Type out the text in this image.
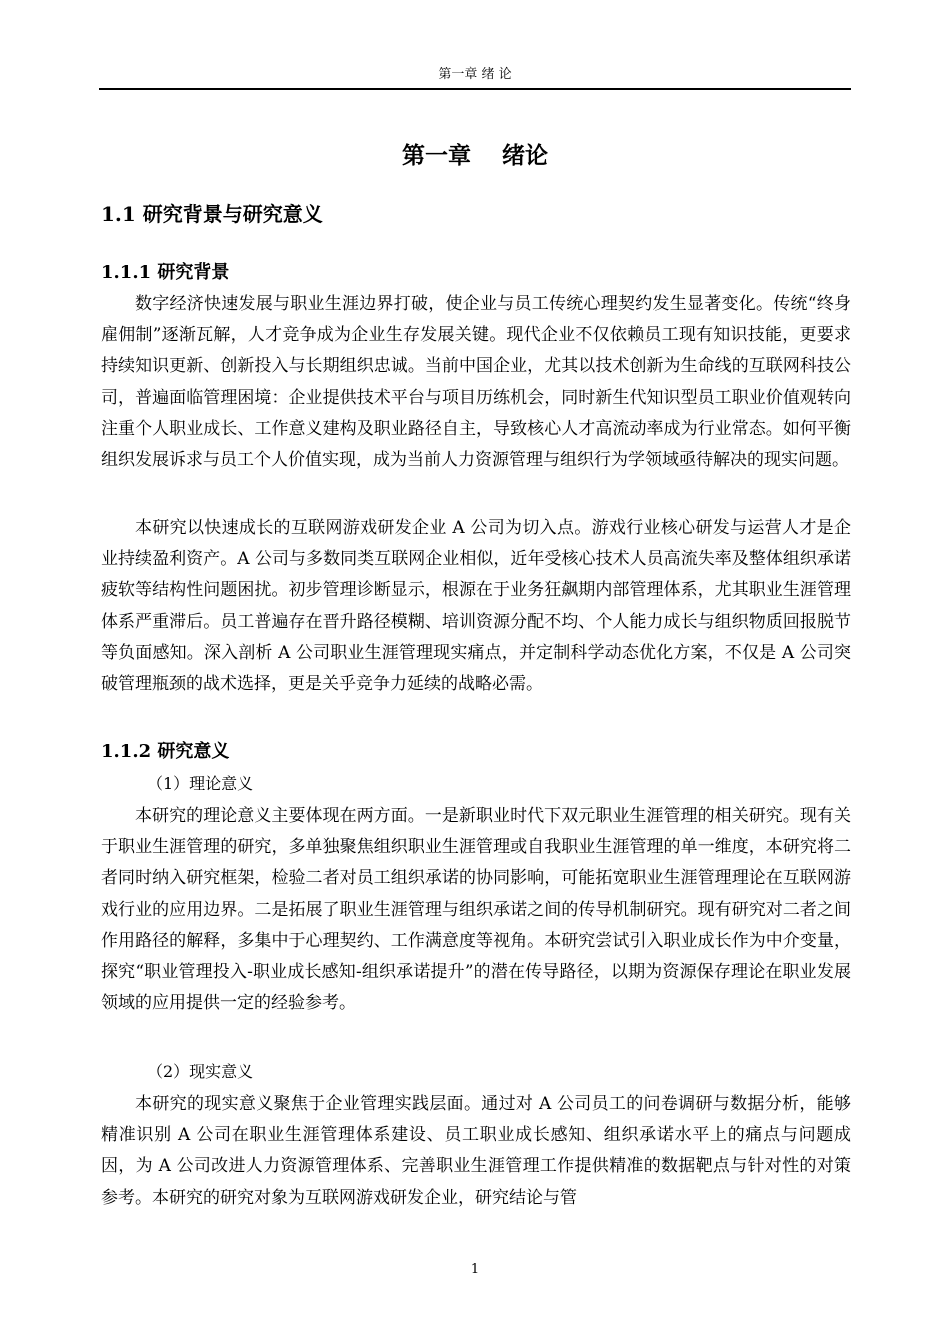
第一章 绪 论
第一章　 绪论
1.1 研究背景与研究意义
1.1.1 研究背景

数字经济快速发展与职业生涯边界打破，使企业与员工传统心理契约发生显著变化。传统“终身雇佣制”逐渐瓦解，人才竞争成为企业生存发展关键。现代企业不仅依赖员工现有知识技能，更要求持续知识更新、创新投入与长期组织忠诚。当前中国企业，尤其以技术创新为生命线的互联网科技公司，普遍面临管理困境：企业提供技术平台与项目历练机会，同时新生代知识型员工职业价值观转向注重个人职业成长、工作意义建构及职业路径自主，导致核心人才高流动率成为行业常态。如何平衡组织发展诉求与员工个人价值实现，成为当前人力资源管理与组织行为学领域亟待解决的现实问题。

本研究以快速成长的互联网游戏研发企业 A 公司为切入点。游戏行业核心研发与运营人才是企业持续盈利资产。A 公司与多数同类互联网企业相似，近年受核心技术人员高流失率及整体组织承诺疲软等结构性问题困扰。初步管理诊断显示，根源在于业务狂飙期内部管理体系，尤其职业生涯管理体系严重滞后。员工普遍存在晋升路径模糊、培训资源分配不均、个人能力成长与组织物质回报脱节等负面感知。深入剖析 A 公司职业生涯管理现实痛点，并定制科学动态优化方案，不仅是 A 公司突破管理瓶颈的战术选择，更是关乎竞争力延续的战略必需。

1.1.2 研究意义
（1）理论意义

本研究的理论意义主要体现在两方面。一是新职业时代下双元职业生涯管理的相关研究。现有关于职业生涯管理的研究，多单独聚焦组织职业生涯管理或自我职业生涯管理的单一维度，本研究将二者同时纳入研究框架，检验二者对员工组织承诺的协同影响，可能拓宽职业生涯管理理论在互联网游戏行业的应用边界。二是拓展了职业生涯管理与组织承诺之间的传导机制研究。现有研究对二者之间作用路径的解释，多集中于心理契约、工作满意度等视角。本研究尝试引入职业成长作为中介变量，探究“职业管理投入-职业成长感知-组织承诺提升”的潜在传导路径，以期为资源保存理论在职业发展领域的应用提供一定的经验参考。

（2）现实意义

本研究的现实意义聚焦于企业管理实践层面。通过对 A 公司员工的问卷调研与数据分析，能够精准识别 A 公司在职业生涯管理体系建设、员工职业成长感知、组织承诺水平上的痛点与问题成因，为 A 公司改进人力资源管理体系、完善职业生涯管理工作提供精准的数据靶点与针对性的对策参考。本研究的研究对象为互联网游戏研发企业，研究结论与管

1
